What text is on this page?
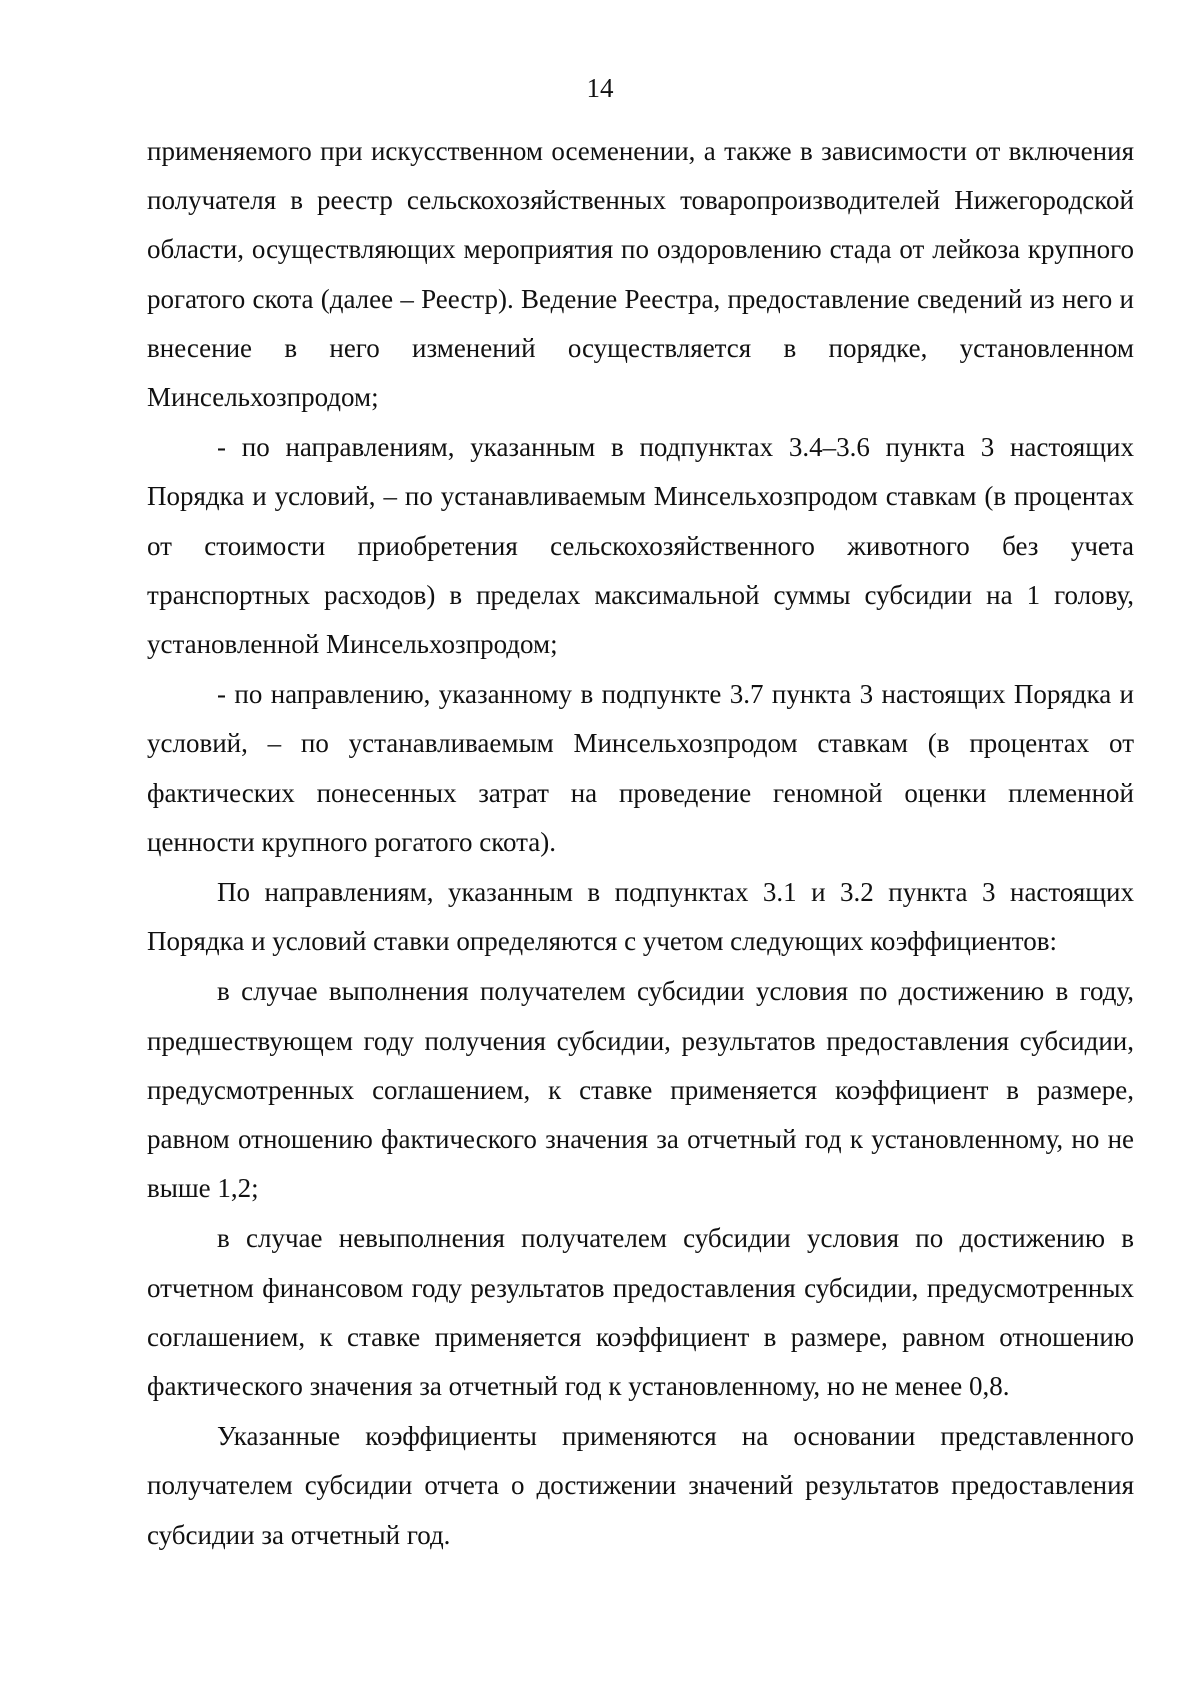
14

применяемого при искусственном осеменении, а также в зависимости от включения получателя в реестр сельскохозяйственных товаропроизводителей Нижегородской области, осуществляющих мероприятия по оздоровлению стада от лейкоза крупного рогатого скота (далее – Реестр). Ведение Реестра, предоставление сведений из него и внесение в него изменений осуществляется в порядке, установленном Минсельхозпродом;

- по направлениям, указанным в подпунктах 3.4–3.6 пункта 3 настоящих Порядка и условий, – по устанавливаемым Минсельхозпродом ставкам (в процентах от стоимости приобретения сельскохозяйственного животного без учета транспортных расходов) в пределах максимальной суммы субсидии на 1 голову, установленной Минсельхозпродом;

- по направлению, указанному в подпункте 3.7 пункта 3 настоящих Порядка и условий, – по устанавливаемым Минсельхозпродом ставкам (в процентах от фактических понесенных затрат на проведение геномной оценки племенной ценности крупного рогатого скота).

По направлениям, указанным в подпунктах 3.1 и 3.2 пункта 3 настоящих Порядка и условий ставки определяются с учетом следующих коэффициентов:

в случае выполнения получателем субсидии условия по достижению в году, предшествующем году получения субсидии, результатов предоставления субсидии, предусмотренных соглашением, к ставке применяется коэффициент в размере, равном отношению фактического значения за отчетный год к установленному, но не выше 1,2;

в случае невыполнения получателем субсидии условия по достижению в отчетном финансовом году результатов предоставления субсидии, предусмотренных соглашением, к ставке применяется коэффициент в размере, равном отношению фактического значения за отчетный год к установленному, но не менее 0,8.

Указанные коэффициенты применяются на основании представленного получателем субсидии отчета о достижении значений результатов предоставления субсидии за отчетный год.
